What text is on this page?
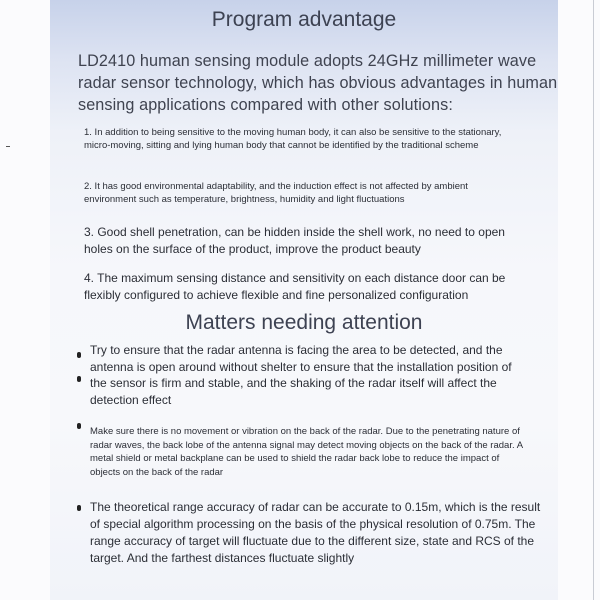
Program advantage
LD2410 human sensing module adopts 24GHz millimeter wave radar sensor technology, which has obvious advantages in human sensing applications compared with other solutions:
1. In addition to being sensitive to the moving human body, it can also be sensitive to the stationary, micro-moving, sitting and lying human body that cannot be identified by the traditional scheme
2. It has good environmental adaptability, and the induction effect is not affected by ambient environment such as temperature, brightness, humidity and light fluctuations
3. Good shell penetration, can be hidden inside the shell work, no need to open holes on the surface of the product, improve the product beauty
4. The maximum sensing distance and sensitivity on each distance door can be flexibly configured to achieve flexible and fine personalized configuration
Matters needing attention
Try to ensure that the radar antenna is facing the area to be detected, and the antenna is open around without shelter to ensure that the installation position of the sensor is firm and stable, and the shaking of the radar itself will affect the detection effect
Make sure there is no movement or vibration on the back of the radar. Due to the penetrating nature of radar waves, the back lobe of the antenna signal may detect moving objects on the back of the radar. A metal shield or metal backplane can be used to shield the radar back lobe to reduce the impact of objects on the back of the radar
The theoretical range accuracy of radar can be accurate to 0.15m, which is the result of special algorithm processing on the basis of the physical resolution of 0.75m. The range accuracy of target will fluctuate due to the different size, state and RCS of the target. And the farthest distances fluctuate slightly
